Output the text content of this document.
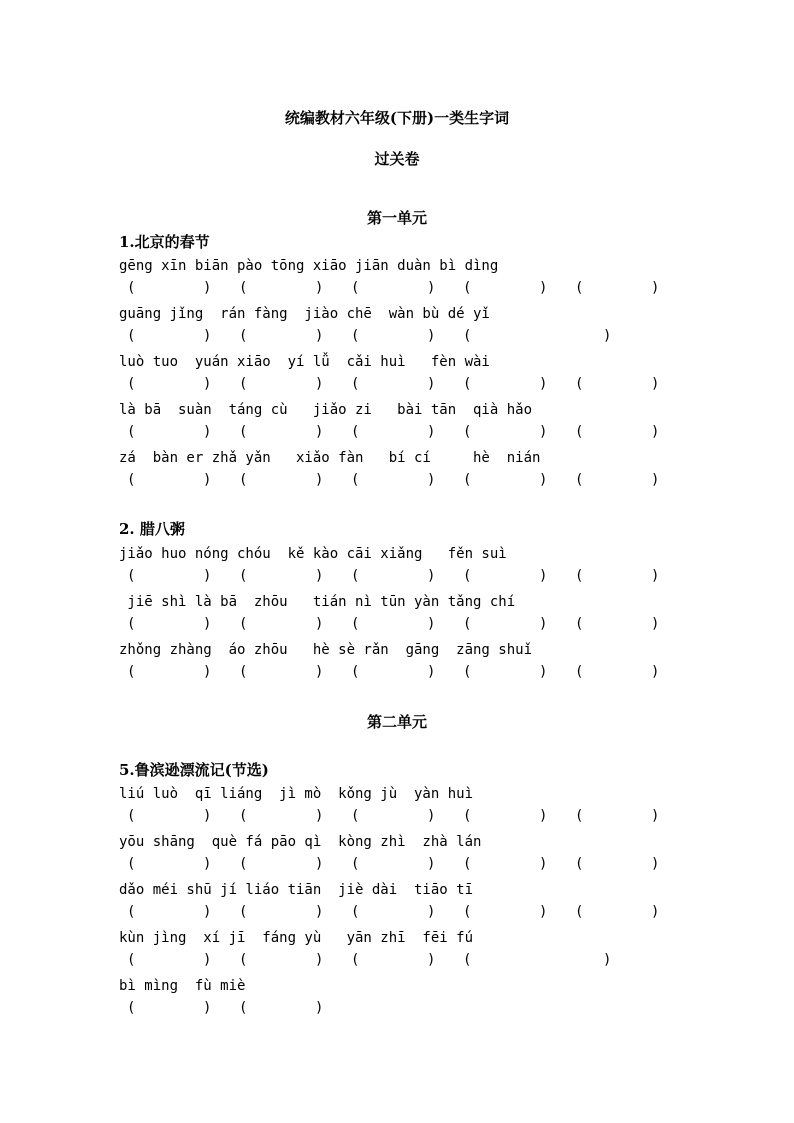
统编教材六年级(下册)一类生字词
过关卷
第一单元
1.北京的春节
gēng xīn biān pào tōng xiāo jiān duàn bì dìng
(	) (	) (	) (	) (	)
guāng jǐng  rán fàng  jiào chē  wàn bù dé yǐ
(	) (	) (	) (	)
luò tuo  yuán xiāo  yí lǚ  cǎi huì   fèn wài
(	) (	) (	) (	) (	)
là bā  suàn  táng cù   jiǎo zi   bài tān  qià hǎo
(	) (	) (	) (	) (	)
zá  bàn er zhǎ yǎn   xiǎo fàn   bí cí     hè  nián
(	) (	) (	) (	) (	)
2. 腊八粥
jiǎo huo nóng chóu  kě kào cāi xiǎng   fěn suì
(	) (	) (	) (	) (	)
jiē shì là bā  zhōu   tián nì tūn yàn tǎng chí
(	) (	) (	) (	) (	)
zhǒng zhàng  áo zhōu   hè sè rǎn  gāng  zāng shuǐ
(	) (	) (	) (	) (	)
第二单元
5.鲁滨逊漂流记(节选)
liú luò  qī liáng  jì mò  kǒng jù  yàn huì
(	) (	) (	) (	) (	)
yōu shāng  què fá pāo qì  kòng zhì  zhà lán
(	) (	) (	) (	) (	)
dǎo méi shū jí liáo tiān  jiè dài  tiāo tī
(	) (	) (	) (	) (	)
kùn jìng  xí jī  fáng yù   yān zhī  fēi fú
(	) (	) (	) (	)
bì mìng  fù miè
(	) (	)
